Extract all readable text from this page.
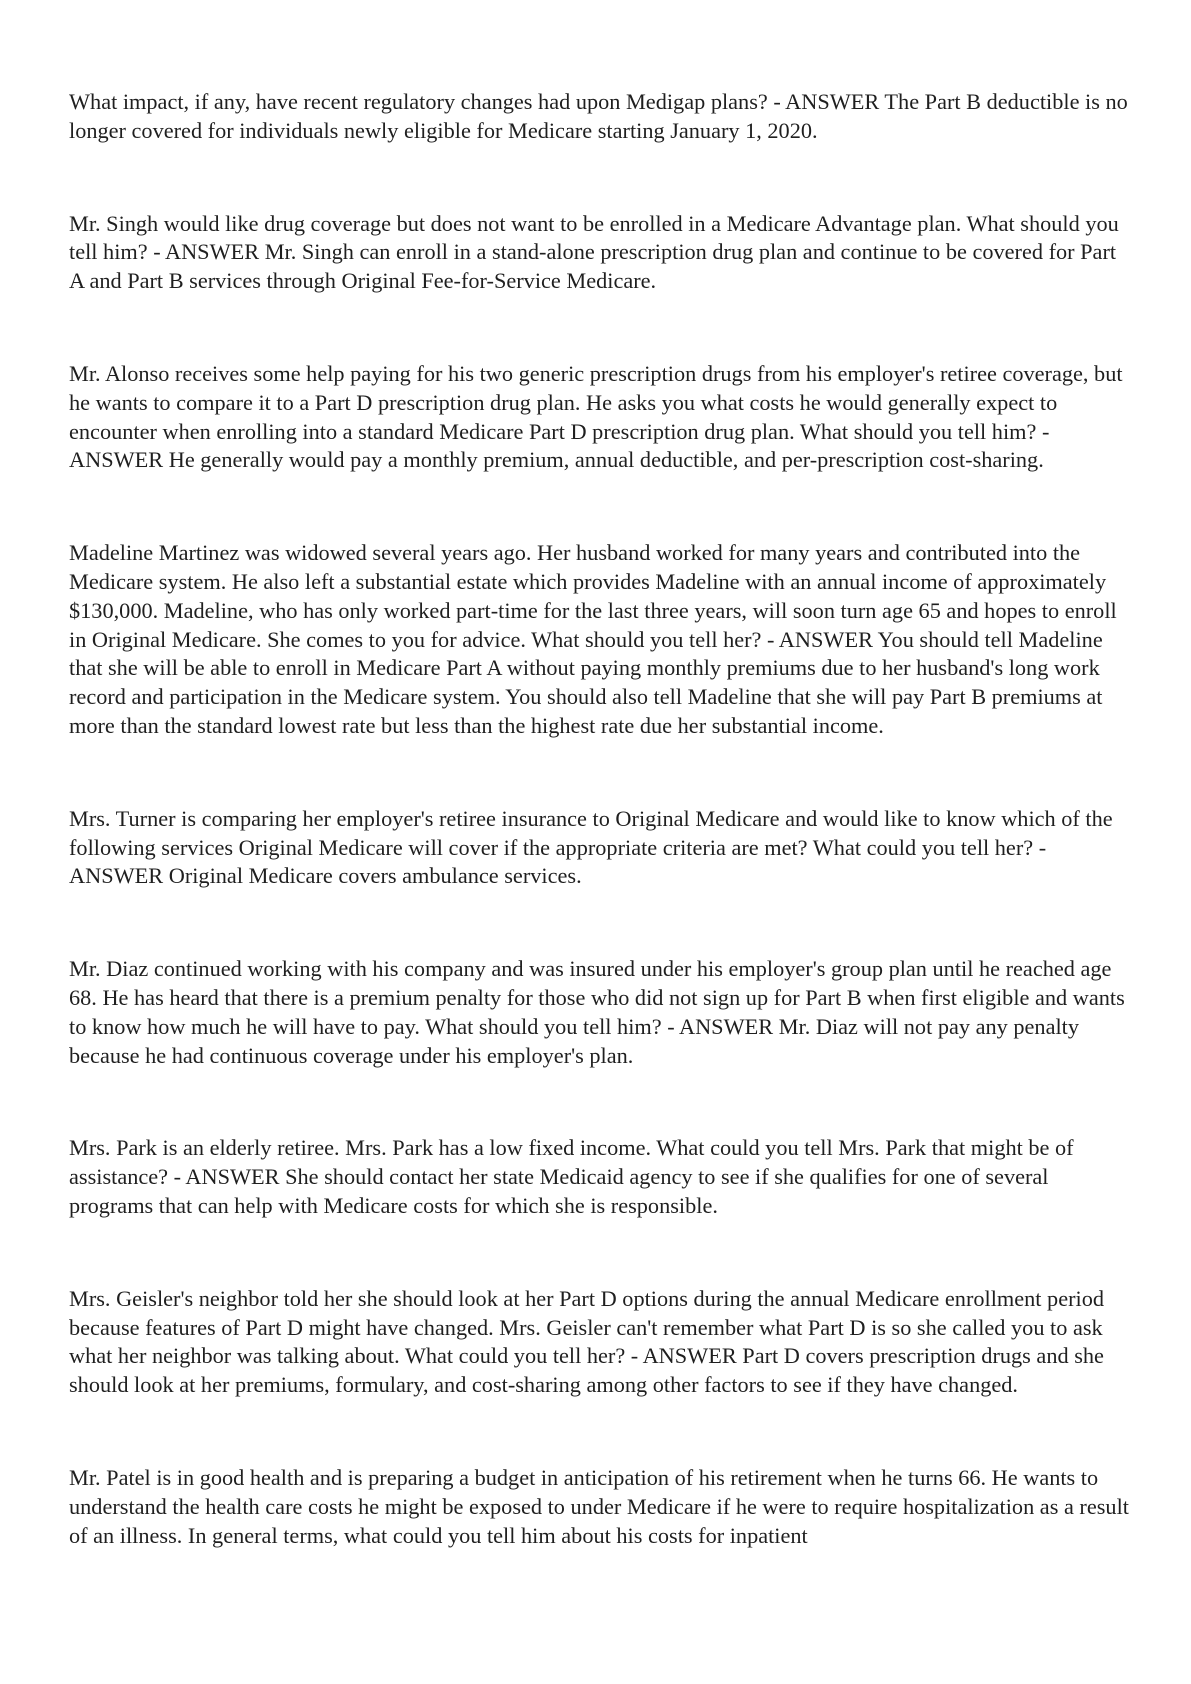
What impact, if any, have recent regulatory changes had upon Medigap plans? - ANSWER The Part B deductible is no longer covered for individuals newly eligible for Medicare starting January 1, 2020.

Mr. Singh would like drug coverage but does not want to be enrolled in a Medicare Advantage plan. What should you tell him? - ANSWER Mr. Singh can enroll in a stand-alone prescription drug plan and continue to be covered for Part A and Part B services through Original Fee-for-Service Medicare.

Mr. Alonso receives some help paying for his two generic prescription drugs from his employer's retiree coverage, but he wants to compare it to a Part D prescription drug plan. He asks you what costs he would generally expect to encounter when enrolling into a standard Medicare Part D prescription drug plan. What should you tell him? - ANSWER He generally would pay a monthly premium, annual deductible, and per-prescription cost-sharing.

Madeline Martinez was widowed several years ago. Her husband worked for many years and contributed into the Medicare system. He also left a substantial estate which provides Madeline with an annual income of approximately $130,000. Madeline, who has only worked part-time for the last three years, will soon turn age 65 and hopes to enroll in Original Medicare. She comes to you for advice. What should you tell her? - ANSWER You should tell Madeline that she will be able to enroll in Medicare Part A without paying monthly premiums due to her husband's long work record and participation in the Medicare system. You should also tell Madeline that she will pay Part B premiums at more than the standard lowest rate but less than the highest rate due her substantial income.

Mrs. Turner is comparing her employer's retiree insurance to Original Medicare and would like to know which of the following services Original Medicare will cover if the appropriate criteria are met? What could you tell her? - ANSWER Original Medicare covers ambulance services.

Mr. Diaz continued working with his company and was insured under his employer's group plan until he reached age 68. He has heard that there is a premium penalty for those who did not sign up for Part B when first eligible and wants to know how much he will have to pay. What should you tell him? - ANSWER Mr. Diaz will not pay any penalty because he had continuous coverage under his employer's plan.

Mrs. Park is an elderly retiree. Mrs. Park has a low fixed income. What could you tell Mrs. Park that might be of assistance? - ANSWER She should contact her state Medicaid agency to see if she qualifies for one of several programs that can help with Medicare costs for which she is responsible.

Mrs. Geisler's neighbor told her she should look at her Part D options during the annual Medicare enrollment period because features of Part D might have changed. Mrs. Geisler can't remember what Part D is so she called you to ask what her neighbor was talking about. What could you tell her? - ANSWER Part D covers prescription drugs and she should look at her premiums, formulary, and cost-sharing among other factors to see if they have changed.

Mr. Patel is in good health and is preparing a budget in anticipation of his retirement when he turns 66. He wants to understand the health care costs he might be exposed to under Medicare if he were to require hospitalization as a result of an illness. In general terms, what could you tell him about his costs for inpatient
